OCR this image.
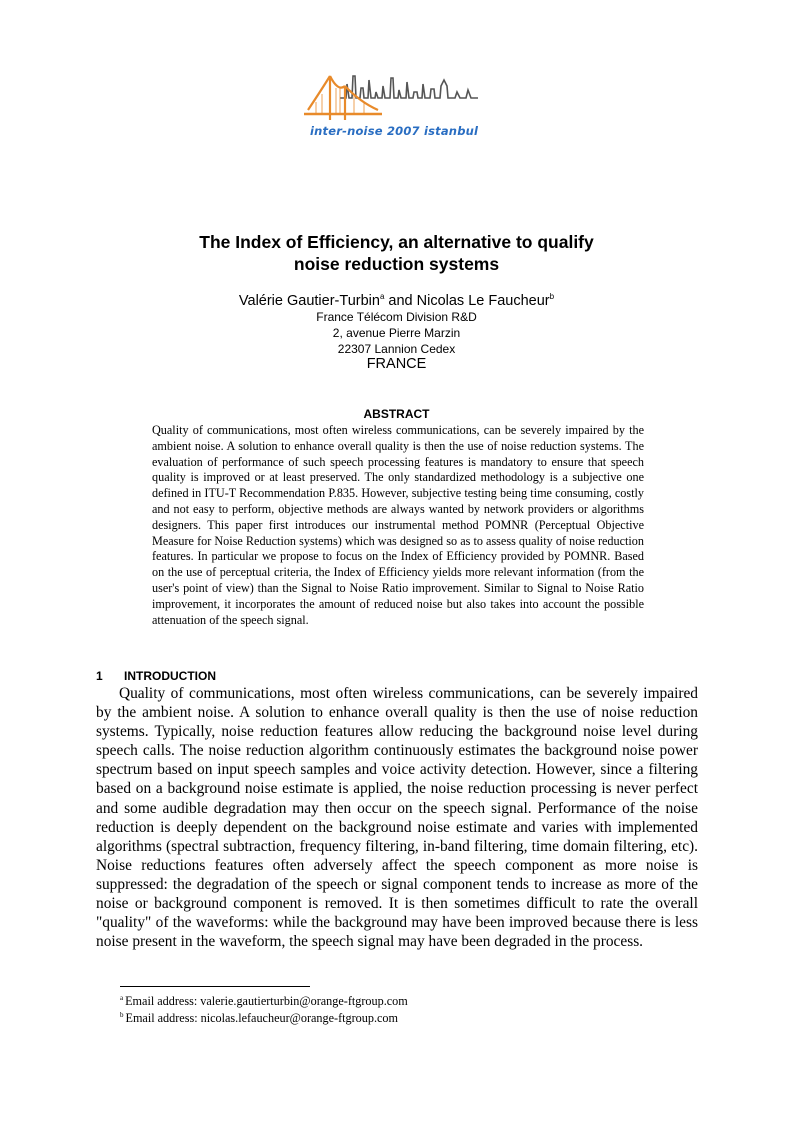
inter-noise 2007 istanbul
The Index of Efficiency, an alternative to qualify
noise reduction systems
Valérie Gautier-Turbin$^a$ and Nicolas Le Faucheur$^b$
France Télécom Division R&D
2, avenue Pierre Marzin
22307 Lannion Cedex
FRANCE
ABSTRACT
Quality of communications, most often wireless communications, can be severely impaired by the ambient noise. A solution to enhance overall quality is then the use of noise reduction systems. The evaluation of performance of such speech processing features is mandatory to ensure that speech quality is improved or at least preserved. The only standardized methodology is a subjective one defined in ITU-T Recommendation P.835. However, subjective testing being time consuming, costly and not easy to perform, objective methods are always wanted by network providers or algorithms designers. This paper first introduces our instrumental method POMNR (Perceptual Objective Measure for Noise Reduction systems) which was designed so as to assess quality of noise reduction features. In particular we propose to focus on the Index of Efficiency provided by POMNR. Based on the use of perceptual criteria, the Index of Efficiency yields more relevant information (from the user's point of view) than the Signal to Noise Ratio improvement. Similar to Signal to Noise Ratio improvement, it incorporates the amount of reduced noise but also takes into account the possible attenuation of the speech signal.
1 INTRODUCTION

Quality of communications, most often wireless communications, can be severely impaired by the ambient noise. A solution to enhance overall quality is then the use of noise reduction systems. Typically, noise reduction features allow reducing the background noise level during speech calls. The noise reduction algorithm continuously estimates the background noise power spectrum based on input speech samples and voice activity detection. However, since a filtering based on a background noise estimate is applied, the noise reduction processing is never perfect and some audible degradation may then occur on the speech signal. Performance of the noise reduction is deeply dependent on the background noise estimate and varies with implemented algorithms (spectral subtraction, frequency filtering, in-band filtering, time domain filtering, etc). Noise reductions features often adversely affect the speech component as more noise is suppressed: the degradation of the speech or signal component tends to increase as more of the noise or background component is removed. It is then sometimes difficult to rate the overall "quality" of the waveforms: while the background may have been improved because there is less noise present in the waveform, the speech signal may have been degraded in the process.

$^a$ Email address: valerie.gautierturbin@orange-ftgroup.com
$^b$ Email address: nicolas.lefaucheur@orange-ftgroup.com
